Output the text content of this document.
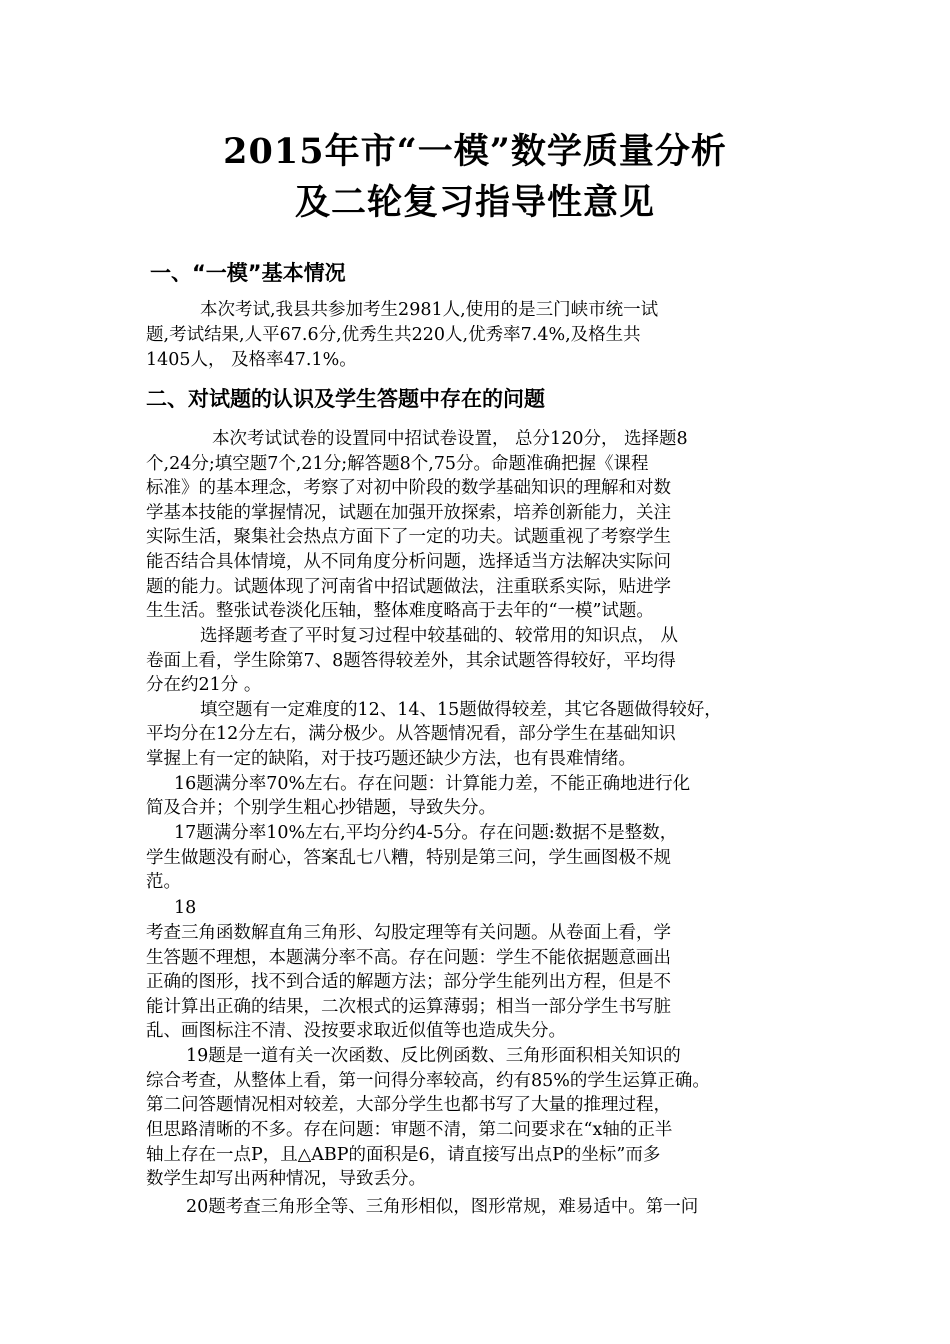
2015年市“一模”数学质量分析
及二轮复习指导性意见
一、“一模”基本情况
本次考试,我县共参加考生2981人,使用的是三门峡市统一试
题,考试结果,人平67.6分,优秀生共220人,优秀率7.4%,及格生共
1405人， 及格率47.1%。
二、对试题的认识及学生答题中存在的问题
本次考试试卷的设置同中招试卷设置， 总分120分， 选择题8
个,24分;填空题7个,21分;解答题8个,75分。命题准确把握《课程
标准》的基本理念，考察了对初中阶段的数学基础知识的理解和对数
学基本技能的掌握情况，试题在加强开放探索，培养创新能力，关注
实际生活，聚集社会热点方面下了一定的功夫。试题重视了考察学生
能否结合具体情境，从不同角度分析问题，选择适当方法解决实际问
题的能力。试题体现了河南省中招试题做法，注重联系实际，贴进学
生生活。整张试卷淡化压轴，整体难度略高于去年的“一模”试题。
选择题考查了平时复习过程中较基础的、较常用的知识点， 从
卷面上看，学生除第7、8题答得较差外，其余试题答得较好，平均得
分在约21分 。
填空题有一定难度的12、14、15题做得较差，其它各题做得较好，
平均分在12分左右，满分极少。从答题情况看，部分学生在基础知识
掌握上有一定的缺陷，对于技巧题还缺少方法，也有畏难情绪。
16题满分率70%左右。存在问题：计算能力差，不能正确地进行化
简及合并；个别学生粗心抄错题，导致失分。
17题满分率10%左右,平均分约4-5分。存在问题:数据不是整数，
学生做题没有耐心，答案乱七八糟，特别是第三问，学生画图极不规
范。
18
考查三角函数解直角三角形、勾股定理等有关问题。从卷面上看，学
生答题不理想，本题满分率不高。存在问题：学生不能依据题意画出
正确的图形，找不到合适的解题方法；部分学生能列出方程，但是不
能计算出正确的结果，二次根式的运算薄弱；相当一部分学生书写脏
乱、画图标注不清、没按要求取近似值等也造成失分。
19题是一道有关一次函数、反比例函数、三角形面积相关知识的
综合考查，从整体上看，第一问得分率较高，约有85%的学生运算正确。
第二问答题情况相对较差，大部分学生也都书写了大量的推理过程，
但思路清晰的不多。存在问题：审题不清，第二问要求在“x轴的正半
轴上存在一点P，且△ABP的面积是6，请直接写出点P的坐标”而多
数学生却写出两种情况，导致丢分。
20题考查三角形全等、三角形相似，图形常规，难易适中。第一问
